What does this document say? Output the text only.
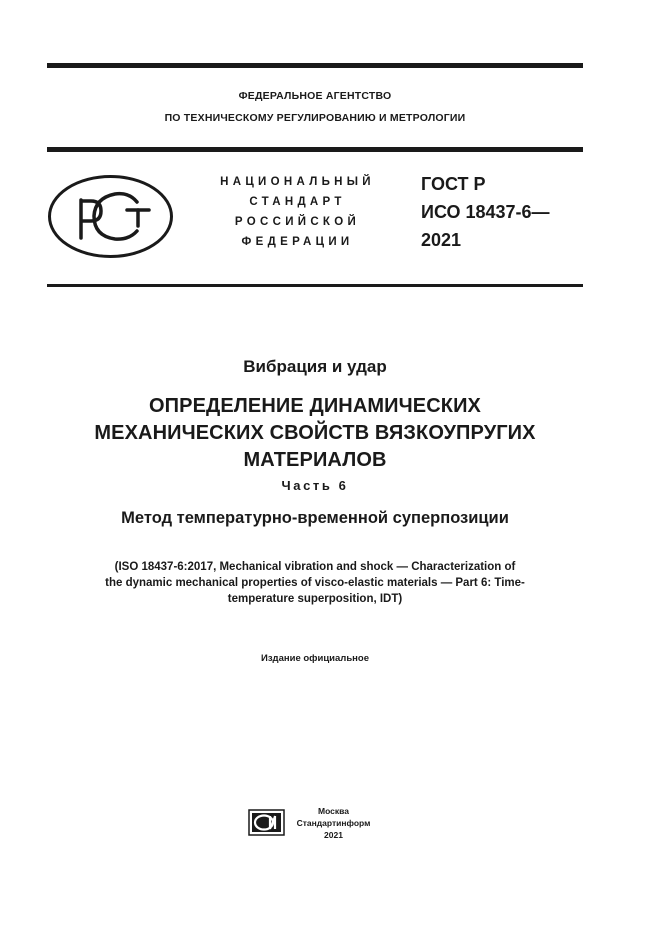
ФЕДЕРАЛЬНОЕ АГЕНТСТВО
ПО ТЕХНИЧЕСКОМУ РЕГУЛИРОВАНИЮ И МЕТРОЛОГИИ
НАЦИОНАЛЬНЫЙ
СТАНДАРТ
РОССИЙСКОЙ
ФЕДЕРАЦИИ
ГОСТ Р
ИСО 18437-6—
2021
Вибрация и удар
ОПРЕДЕЛЕНИЕ ДИНАМИЧЕСКИХ
МЕХАНИЧЕСКИХ СВОЙСТВ ВЯЗКОУПРУГИХ
МАТЕРИАЛОВ
Часть 6
Метод температурно-временной суперпозиции
(ISO 18437-6:2017, Mechanical vibration and shock — Characterization of
the dynamic mechanical properties of visco-elastic materials — Part 6: Time-
temperature superposition, IDT)
Издание официальное
Москва
Стандартинформ
2021
